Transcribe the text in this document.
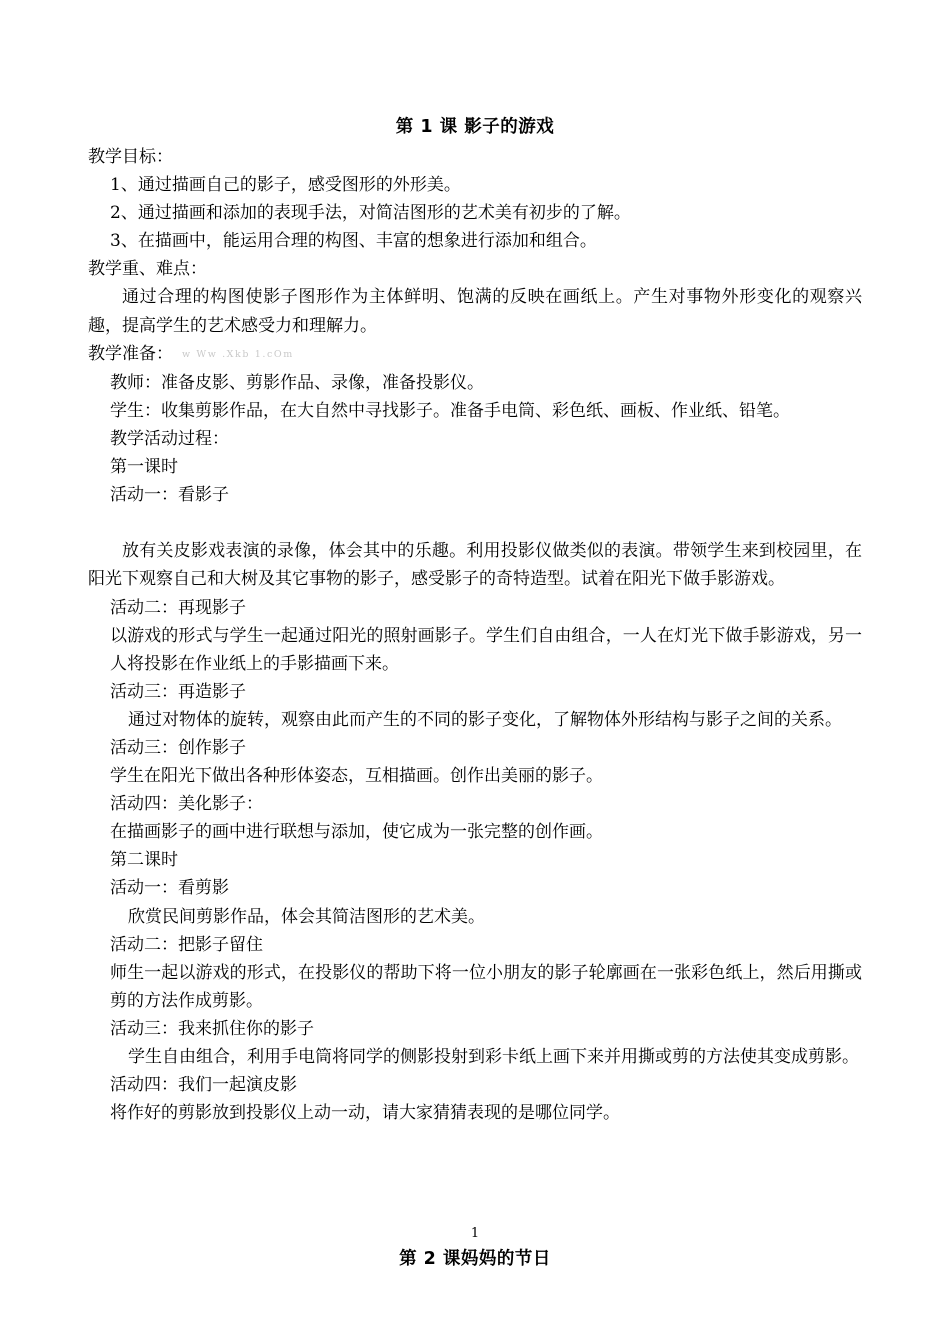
第 1 课 影子的游戏

教学目标：

1、通过描画自己的影子，感受图形的外形美。

2、通过描画和添加的表现手法，对简洁图形的艺术美有初步的了解。

3、在描画中，能运用合理的构图、丰富的想象进行添加和组合。

教学重、难点：

通过合理的构图使影子图形作为主体鲜明、饱满的反映在画纸上。产生对事物外形变化的观察兴趣，提高学生的艺术感受力和理解力。

教学准备： w Ww .Xkb 1.cOm

教师：准备皮影、剪影作品、录像，准备投影仪。

学生：收集剪影作品，在大自然中寻找影子。准备手电筒、彩色纸、画板、作业纸、铅笔。

教学活动过程：

第一课时

活动一：看影子

放有关皮影戏表演的录像，体会其中的乐趣。利用投影仪做类似的表演。带领学生来到校园里，在阳光下观察自己和大树及其它事物的影子，感受影子的奇特造型。试着在阳光下做手影游戏。

活动二：再现影子

以游戏的形式与学生一起通过阳光的照射画影子。学生们自由组合，一人在灯光下做手影游戏，另一人将投影在作业纸上的手影描画下来。

活动三：再造影子

通过对物体的旋转，观察由此而产生的不同的影子变化，了解物体外形结构与影子之间的关系。

活动三：创作影子

学生在阳光下做出各种形体姿态，互相描画。创作出美丽的影子。

活动四：美化影子：

在描画影子的画中进行联想与添加，使它成为一张完整的创作画。

第二课时

活动一：看剪影

欣赏民间剪影作品，体会其简洁图形的艺术美。

活动二：把影子留住

师生一起以游戏的形式，在投影仪的帮助下将一位小朋友的影子轮廓画在一张彩色纸上，然后用撕或剪的方法作成剪影。

活动三：我来抓住你的影子

学生自由组合，利用手电筒将同学的侧影投射到彩卡纸上画下来并用撕或剪的方法使其变成剪影。

活动四：我们一起演皮影

将作好的剪影放到投影仪上动一动，请大家猜猜表现的是哪位同学。

第 2 课妈妈的节日
1
